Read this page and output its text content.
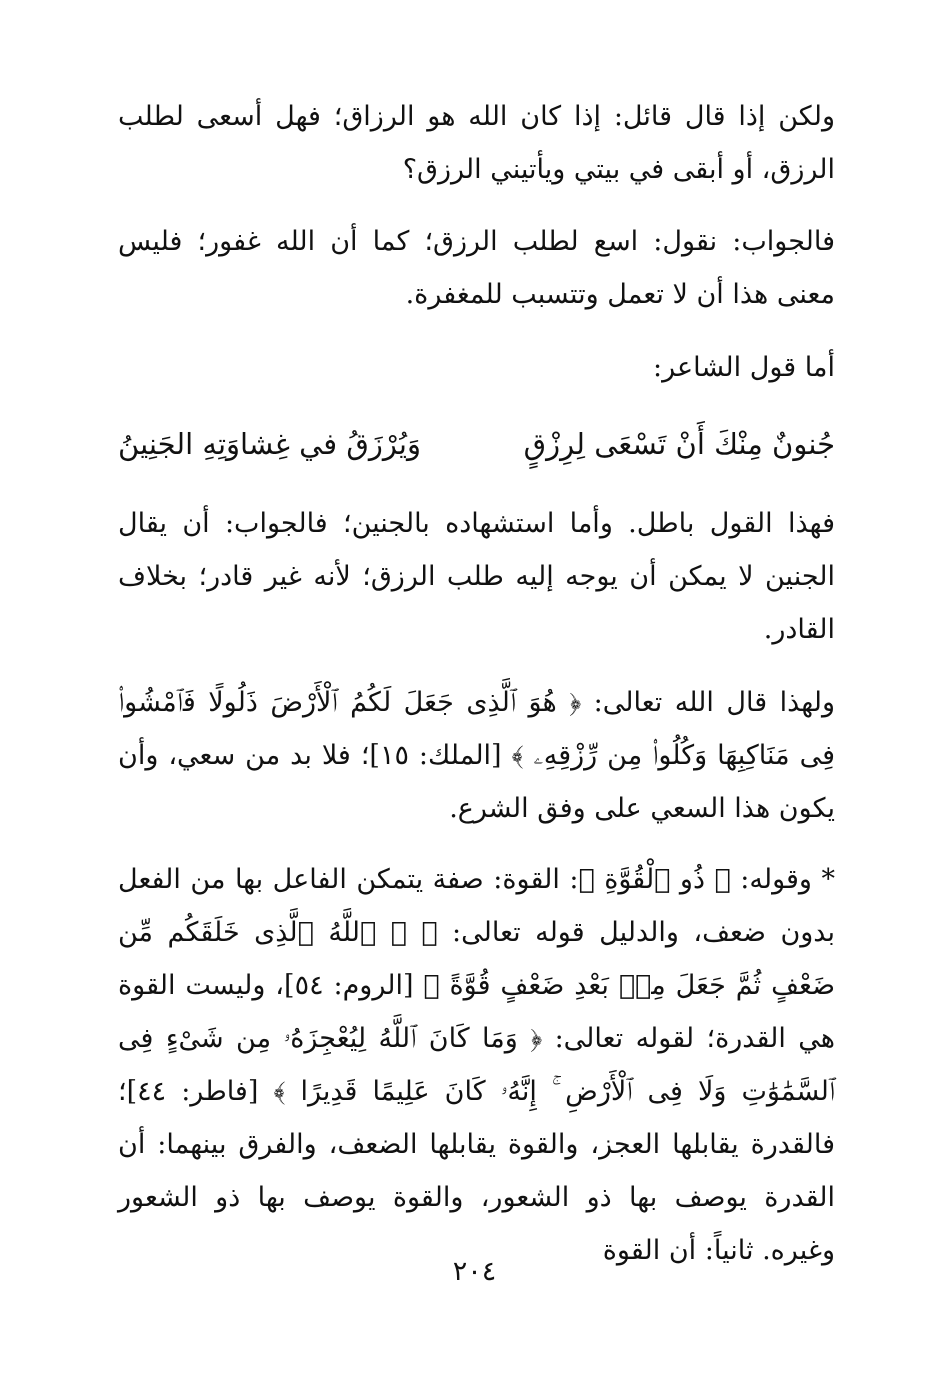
ولكن إذا قال قائل: إذا كان الله هو الرزاق؛ فهل أسعى لطلب الرزق، أو أبقى في بيتي ويأتيني الرزق؟

فالجواب: نقول: اسع لطلب الرزق؛ كما أن الله غفور؛ فليس معنى هذا أن لا تعمل وتتسبب للمغفرة.

أما قول الشاعر:

جُنونٌ مِنْكَ أَنْ تَسْعَى لِرِزْقٍ
وَيُرْزَقُ في غِشاوَتِهِ الجَنِينُ

فهذا القول باطل. وأما استشهاده بالجنين؛ فالجواب: أن يقال الجنين لا يمكن أن يوجه إليه طلب الرزق؛ لأنه غير قادر؛ بخلاف القادر.

ولهذا قال الله تعالى: ﴿ هُوَ ٱلَّذِى جَعَلَ لَكُمُ ٱلْأَرْضَ ذَلُولًا فَٱمْشُوا۟ فِى مَنَاكِبِهَا وَكُلُوا۟ مِن رِّزْقِهِۦ ﴾ [الملك: ١٥]؛ فلا بد من سعي، وأن يكون هذا السعي على وفق الشرع.

* وقوله: ﴿ ذُو ٱلْقُوَّةِ ﴾: القوة: صفة يتمكن الفاعل بها من الفعل بدون ضعف، والدليل قوله تعالى: ﴿ ۞ ٱللَّهُ ٱلَّذِى خَلَقَكُم مِّن ضَعْفٍ ثُمَّ جَعَلَ مِنۢ بَعْدِ ضَعْفٍ قُوَّةً ﴾ [الروم: ٥٤]، وليست القوة هي القدرة؛ لقوله تعالى: ﴿ وَمَا كَانَ ٱللَّهُ لِيُعْجِزَهُۥ مِن شَىْءٍ فِى ٱلسَّمَٰوَٰتِ وَلَا فِى ٱلْأَرْضِ ۚ إِنَّهُۥ كَانَ عَلِيمًا قَدِيرًا ﴾ [فاطر: ٤٤]؛ فالقدرة يقابلها العجز، والقوة يقابلها الضعف، والفرق بينهما: أن القدرة يوصف بها ذو الشعور، والقوة يوصف بها ذو الشعور وغيره. ثانياً: أن القوة

٢٠٤
